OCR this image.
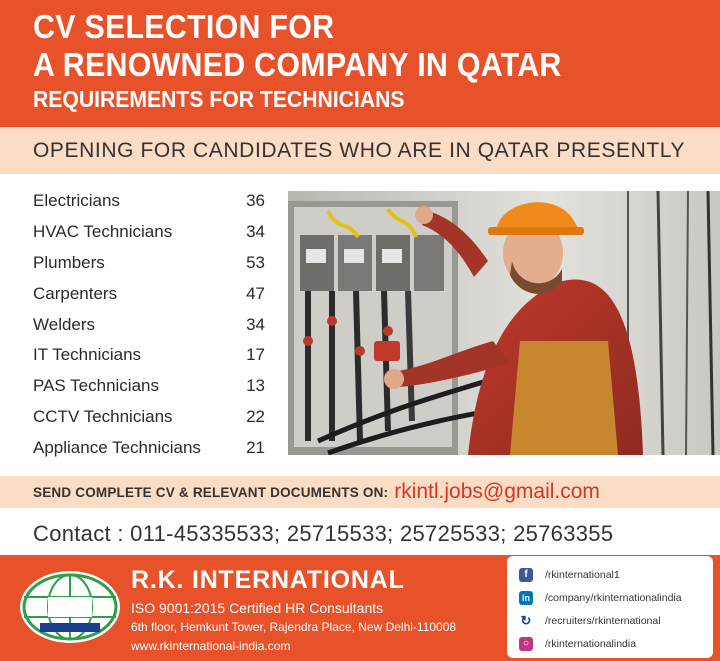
CV SELECTION FOR
A RENOWNED COMPANY IN QATAR
REQUIREMENTS FOR TECHNICIANS
OPENING FOR CANDIDATES WHO ARE IN QATAR PRESENTLY
Electricians	36
HVAC Technicians	34
Plumbers	53
Carpenters	47
Welders	34
IT Technicians	17
PAS Technicians	13
CCTV Technicians	22
Appliance Technicians	21
SEND COMPLETE CV & RELEVANT DOCUMENTS ON: rkintl.jobs@gmail.com
Contact : 011-45335533; 25715533; 25725533; 25763355
R.K. INTERNATIONAL
ISO 9001:2015 Certified HR Consultants
6th floor, Hemkunt Tower, Rajendra Place, New Delhi-110008
www.rkinternational-india.com
f	/rkinternational1
in /company/rkinternationalindia
↻ /recruiters/rkinternational
○	/rkinternationalindia
